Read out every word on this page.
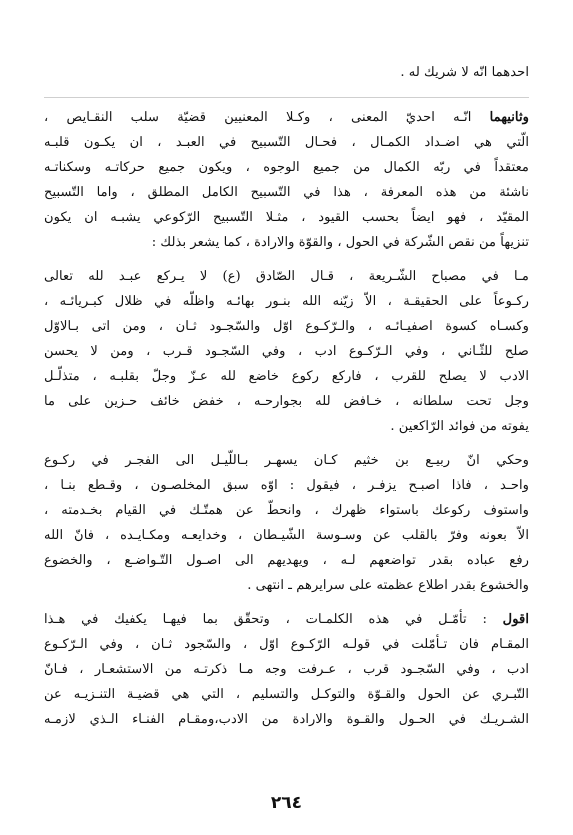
احدهما انّه لا شريك له .
وثانيهما انّـه احديّ المعنى ، وكـلا المعنيين قضيّة سلب النقـايص ،
الّتي هي اضـداد الكمـال ، فحـال التّسبيح في العبـد ، ان يكـون قلبـه
معتقداً في ربّه الكمال من جميع الوجوه ، ويكون جميع حركاتـه وسكناتـه
ناشئة من هذه المعرفة ، هذا في التّسبيح الكامل المطلق ، واما التّسبيح
المقيّد ، فهو ايضاً بحسب القيود ، مثـلا التّسبيح الرّكوعي يشبـه ان يكون
تنزيهاً من نقص الشّركة في الحول ، والقوّة والارادة ، كما يشعر بذلك :
مـا في مصباح الشّـريعة ، قـال الصّادق (ع) لا يـركع عبـد لله تعالى
ركـوعاً على الحقيقـة ، الاّ زيّنه الله بنـور بهائـه واظلّه في ظلال كبـريائـه ،
وكسـاه كسوة اصفيـائـه ، والـرّكـوع اوّل والسّجـود ثـان ، ومن اتى بـالاوّل
صلح للثّـاني ، وفي الـرّكـوع ادب ، وفي السّجـود قـرب ، ومن لا يحسن
الادب لا يصلح للقرب ، فاركع ركوع خاضع لله عـزّ وجلّ بقلبـه ، متذلّـل
وجل تحت سلطانه ، خـافض لله بجوارحـه ، خفض خائف حـزين على ما
يفوته من فوائد الرّاكعين .
وحكي انّ ربيـع بن خثيم كـان يسهـر بـاللّيـل الى الفجـر في ركـوع
واحـد ، فاذا اصبـح يزفـر ، فيقول : اوّه سبق المخلصـون ، وقـطع بنـا ،
واستوف ركوعك باستواء ظهرك ، وانحطّ عن همتّـك في القيام بخـدمته ،
الاّ بعونه وفرّ بالقلب عن وسـوسة الشّيـطان ، وخدايعـه ومكـايـده ، فانّ الله
رفع عباده بقدر تواضعهم لـه ، ويهديهم الى اصـول التّـواضـع ، والخضوع
والخشوع بقدر اطلاع عظمته على سرايرهم ـ انتهى .
اقول : تأمّـل في هذه الكلمـات ، وتحقّق بما فيهـا يكفيك في هـذا
المقـام فان تـأمّلت في قولـه الرّكـوع اوّل ، والسّجود ثـان ، وفي الـرّكـوع
ادب ، وفي السّجـود قرب ، عـرفت وجه مـا ذكرتـه من الاستشعـار ، فـانّ
التّبـري عن الحول والقـوّة والتوكـل والتسليم ، التي هي قضيـة التنـزيـه عن
الشـريـك في الحـول والقـوة والارادة من الادب،ومقـام الفنـاء الـذي لازمـه
٢٦٤
